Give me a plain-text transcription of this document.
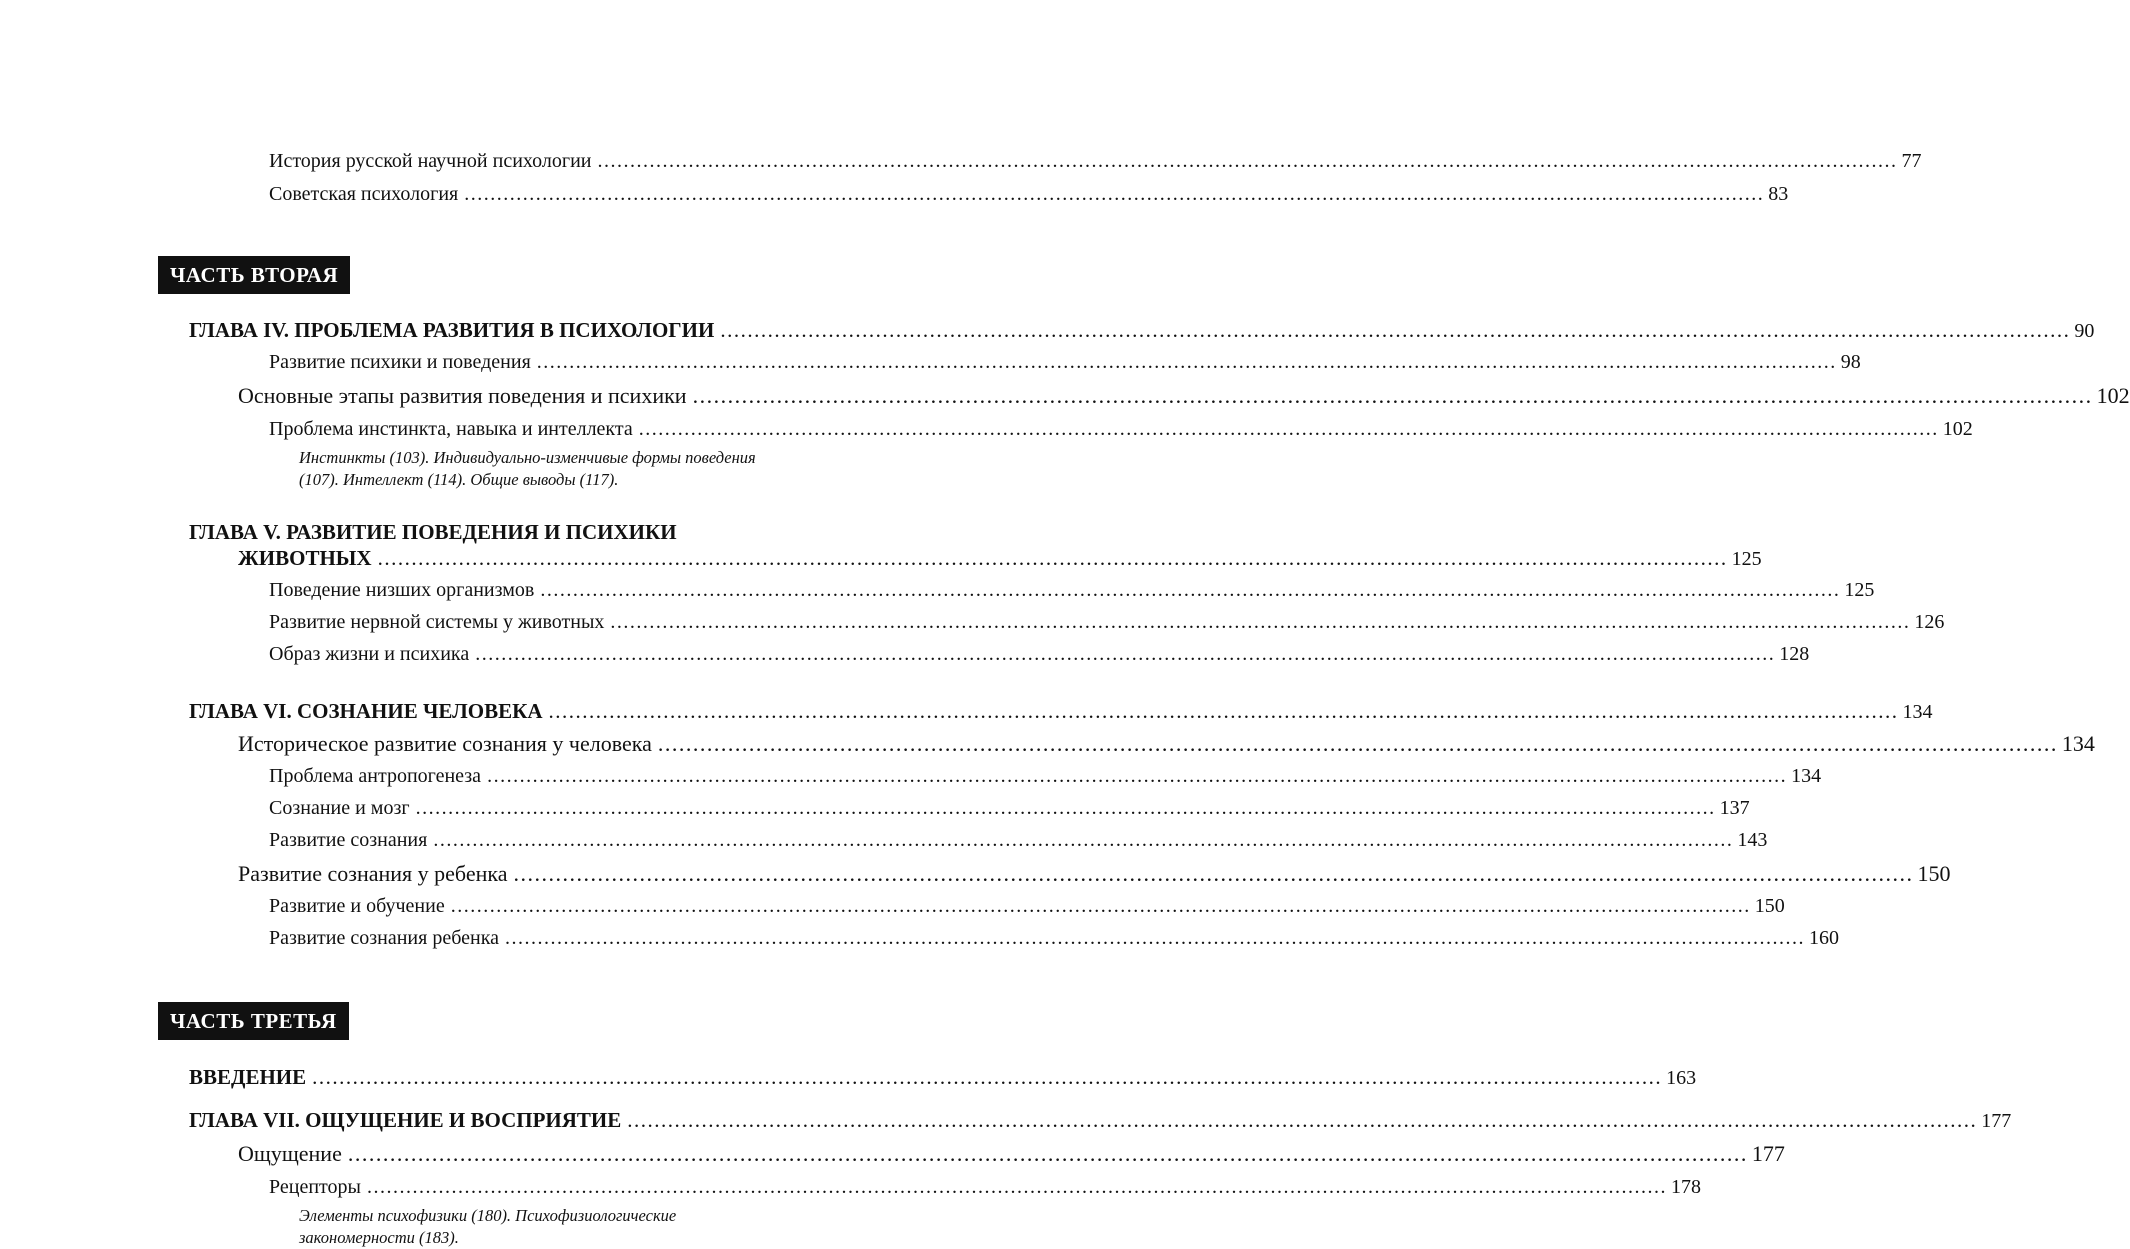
История русской научной психологии ........................................................................................................................................................................................................ 77
Советская психология ........................................................................................................................................................................................................ 83
ЧАСТЬ ВТОРАЯ
ГЛАВА IV. ПРОБЛЕМА РАЗВИТИЯ В ПСИХОЛОГИИ ........................................................................................................................................................................................................ 90
Развитие психики и поведения ........................................................................................................................................................................................................ 98
Основные этапы развития поведения и психики ........................................................................................................................................................................................................ 102
Проблема инстинкта, навыка и интеллекта ........................................................................................................................................................................................................ 102
Инстинкты (103). Индивидуально-изменчивые формы поведения
(107). Интеллект (114). Общие выводы (117).
ГЛАВА V. РАЗВИТИЕ ПОВЕДЕНИЯ И ПСИХИКИ
ЖИВОТНЫХ ........................................................................................................................................................................................................ 125
Поведение низших организмов ........................................................................................................................................................................................................ 125
Развитие нервной системы у животных ........................................................................................................................................................................................................ 126
Образ жизни и психика ........................................................................................................................................................................................................ 128
ГЛАВА VI. СОЗНАНИЕ ЧЕЛОВЕКА ........................................................................................................................................................................................................ 134
Историческое развитие сознания у человека ........................................................................................................................................................................................................ 134
Проблема антропогенеза ........................................................................................................................................................................................................ 134
Сознание и мозг ........................................................................................................................................................................................................ 137
Развитие сознания ........................................................................................................................................................................................................ 143
Развитие сознания у ребенка ........................................................................................................................................................................................................ 150
Развитие и обучение ........................................................................................................................................................................................................ 150
Развитие сознания ребенка ........................................................................................................................................................................................................ 160
ЧАСТЬ ТРЕТЬЯ
ВВЕДЕНИЕ ........................................................................................................................................................................................................ 163
ГЛАВА VII. ОЩУЩЕНИЕ И ВОСПРИЯТИЕ ........................................................................................................................................................................................................ 177
Ощущение ........................................................................................................................................................................................................ 177
Рецепторы ........................................................................................................................................................................................................ 178
Элементы психофизики (180). Психофизиологические
закономерности (183).
